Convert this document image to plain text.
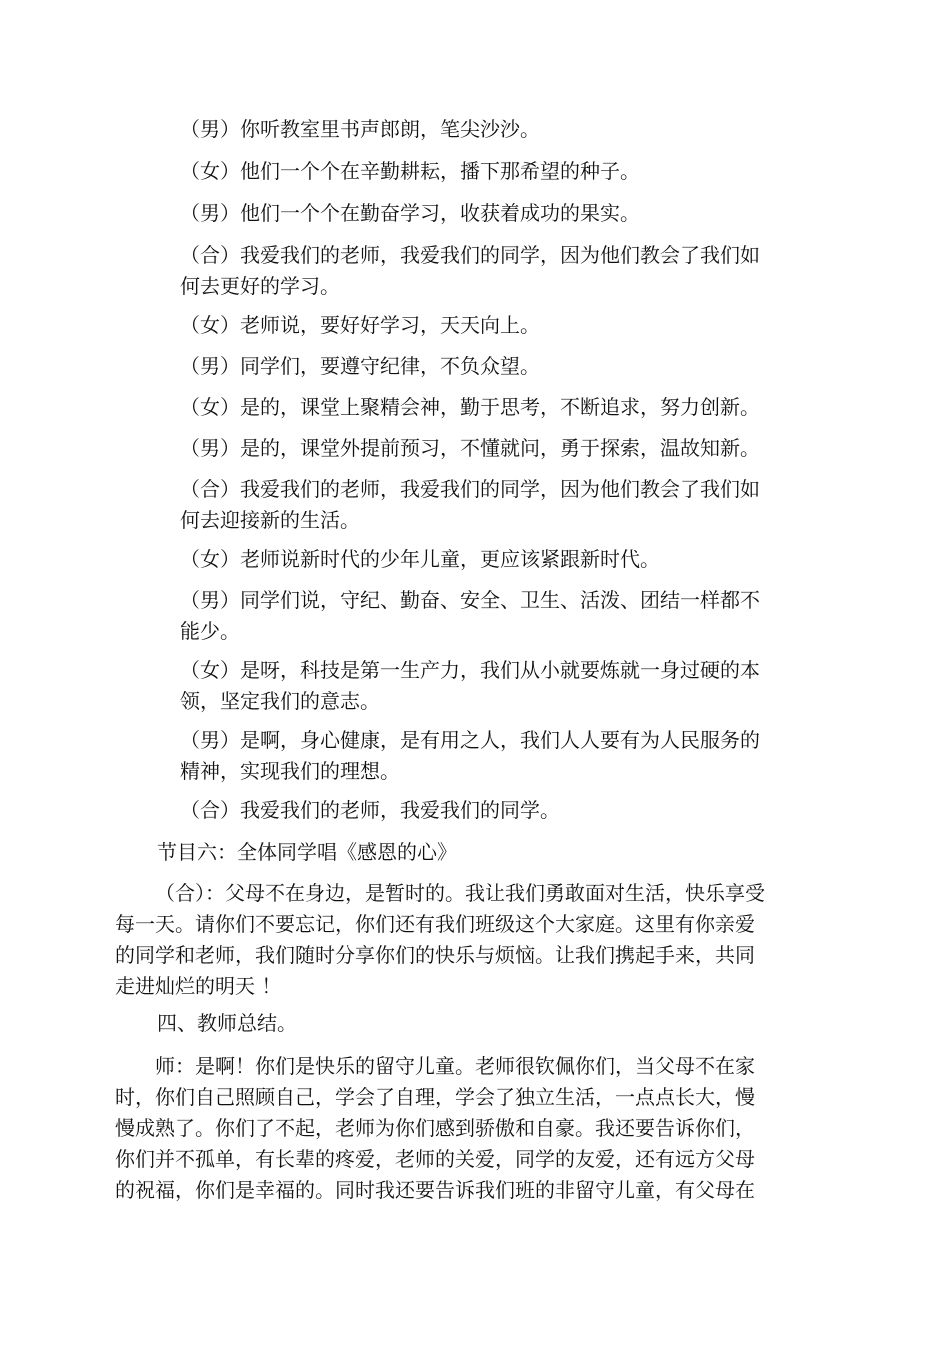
（男）你听教室里书声郎朗，笔尖沙沙。

（女）他们一个个在辛勤耕耘，播下那希望的种子。

（男）他们一个个在勤奋学习，收获着成功的果实。

（合）我爱我们的老师，我爱我们的同学，因为他们教会了我们如
何去更好的学习。

（女）老师说，要好好学习，天天向上。

（男）同学们，要遵守纪律，不负众望。

（女）是的，课堂上聚精会神，勤于思考，不断追求，努力创新。

（男）是的，课堂外提前预习，不懂就问，勇于探索，温故知新。

（合）我爱我们的老师，我爱我们的同学，因为他们教会了我们如
何去迎接新的生活。

（女）老师说新时代的少年儿童，更应该紧跟新时代。

（男）同学们说，守纪、勤奋、安全、卫生、活泼、团结一样都不
能少。

（女）是呀，科技是第一生产力，我们从小就要炼就一身过硬的本
领，坚定我们的意志。

（男）是啊，身心健康，是有用之人，我们人人要有为人民服务的
精神，实现我们的理想。

（合）我爱我们的老师，我爱我们的同学。

节目六：全体同学唱《感恩的心》

（合）：父母不在身边，是暂时的。我让我们勇敢面对生活，快乐享受
每一天。请你们不要忘记，你们还有我们班级这个大家庭。这里有你亲爱
的同学和老师，我们随时分享你们的快乐与烦恼。让我们携起手来，共同
走进灿烂的明天 ！

四、教师总结。

师：是啊！你们是快乐的留守儿童。老师很钦佩你们，当父母不在家
时，你们自己照顾自己，学会了自理，学会了独立生活，一点点长大，慢
慢成熟了。你们了不起，老师为你们感到骄傲和自豪。我还要告诉你们，
你们并不孤单，有长辈的疼爱，老师的关爱，同学的友爱，还有远方父母
的祝福，你们是幸福的。同时我还要告诉我们班的非留守儿童，有父母在
